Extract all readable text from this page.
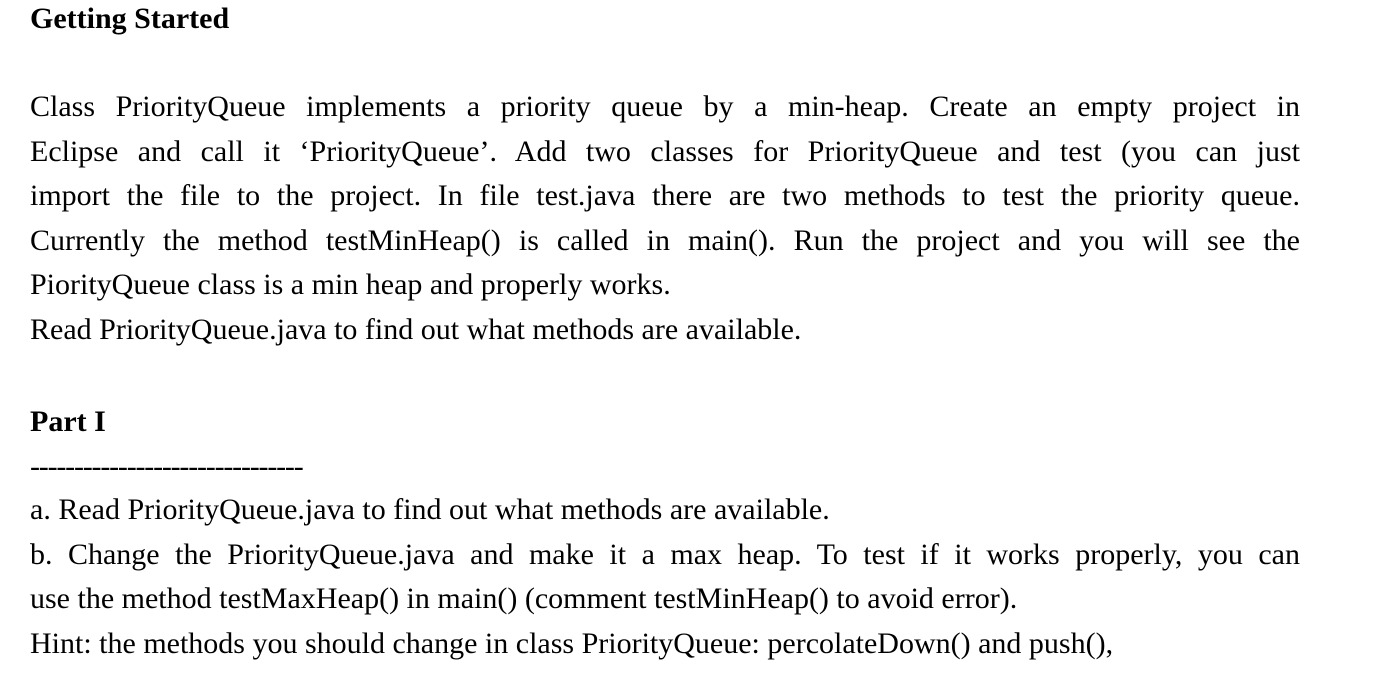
Getting Started
Class PriorityQueue implements a priority queue by a min-heap. Create an empty project in
Eclipse and call it ‘PriorityQueue’. Add two classes for PriorityQueue and test (you can just
import the file to the project. In file test.java there are two methods to test the priority queue.
Currently the method testMinHeap() is called in main(). Run the project and you will see the
PiorityQueue class is a min heap and properly works.
Read PriorityQueue.java to find out what methods are available.
Part I
-------------------------------
a. Read PriorityQueue.java to find out what methods are available.
b. Change the PriorityQueue.java and make it a max heap. To test if it works properly, you can
use the method testMaxHeap() in main() (comment testMinHeap() to avoid error).
Hint: the methods you should change in class PriorityQueue: percolateDown() and push(),
